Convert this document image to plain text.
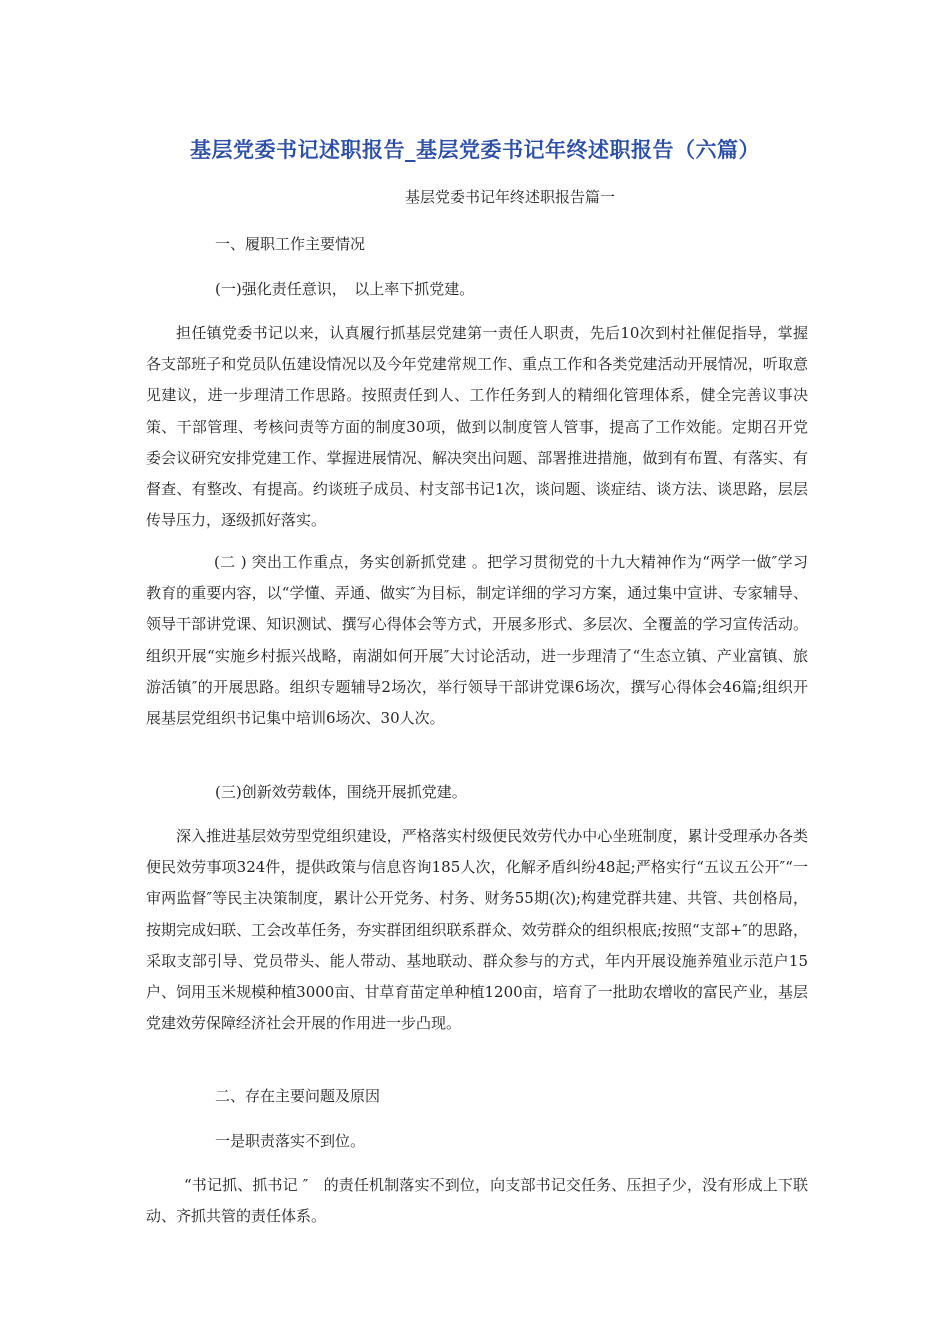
基层党委书记述职报告_基层党委书记年终述职报告（六篇）
基层党委书记年终述职报告篇一
一、履职工作主要情况
(一)强化责任意识，　以上率下抓党建。
担任镇党委书记以来，认真履行抓基层党建第一责任人职责，先后10次到村社催促指导，掌握各支部班子和党员队伍建设情况以及今年党建常规工作、重点工作和各类党建活动开展情况，听取意见建议，进一步理清工作思路。按照责任到人、工作任务到人的精细化管理体系，健全完善议事决策、干部管理、考核问责等方面的制度30项，做到以制度管人管事，提高了工作效能。定期召开党委会议研究安排党建工作、掌握进展情况、解决突出问题、部署推进措施，做到有布置、有落实、有督查、有整改、有提高。约谈班子成员、村支部书记1次，谈问题、谈症结、谈方法、谈思路，层层传导压力，逐级抓好落实。
(二 ) 突出工作重点，务实创新抓党建 。把学习贯彻党的十九大精神作为“两学一做″学习教育的重要内容，以“学懂、弄通、做实″为目标，制定详细的学习方案，通过集中宣讲、专家辅导、领导干部讲党课、知识测试、撰写心得体会等方式，开展多形式、多层次、全覆盖的学习宣传活动。组织开展“实施乡村振兴战略，南湖如何开展″大讨论活动，进一步理清了“生态立镇、产业富镇、旅游活镇″的开展思路。组织专题辅导2场次，举行领导干部讲党课6场次，撰写心得体会46篇;组织开展基层党组织书记集中培训6场次、30人次。
(三)创新效劳载体，围绕开展抓党建。
深入推进基层效劳型党组织建设，严格落实村级便民效劳代办中心坐班制度，累计受理承办各类便民效劳事项324件，提供政策与信息咨询185人次，化解矛盾纠纷48起;严格实行“五议五公开″“一审两监督″等民主决策制度，累计公开党务、村务、财务55期(次);构建党群共建、共管、共创格局，按期完成妇联、工会改革任务，夯实群团组织联系群众、效劳群众的组织根底;按照“支部+″的思路，采取支部引导、党员带头、能人带动、基地联动、群众参与的方式，年内开展设施养殖业示范户15户、饲用玉米规模种植3000亩、甘草育苗定单种植1200亩，培育了一批助农增收的富民产业，基层党建效劳保障经济社会开展的作用进一步凸现。
二、存在主要问题及原因
一是职责落实不到位。
“书记抓、抓书记 ″　的责任机制落实不到位，向支部书记交任务、压担子少，没有形成上下联动、齐抓共管的责任体系。
